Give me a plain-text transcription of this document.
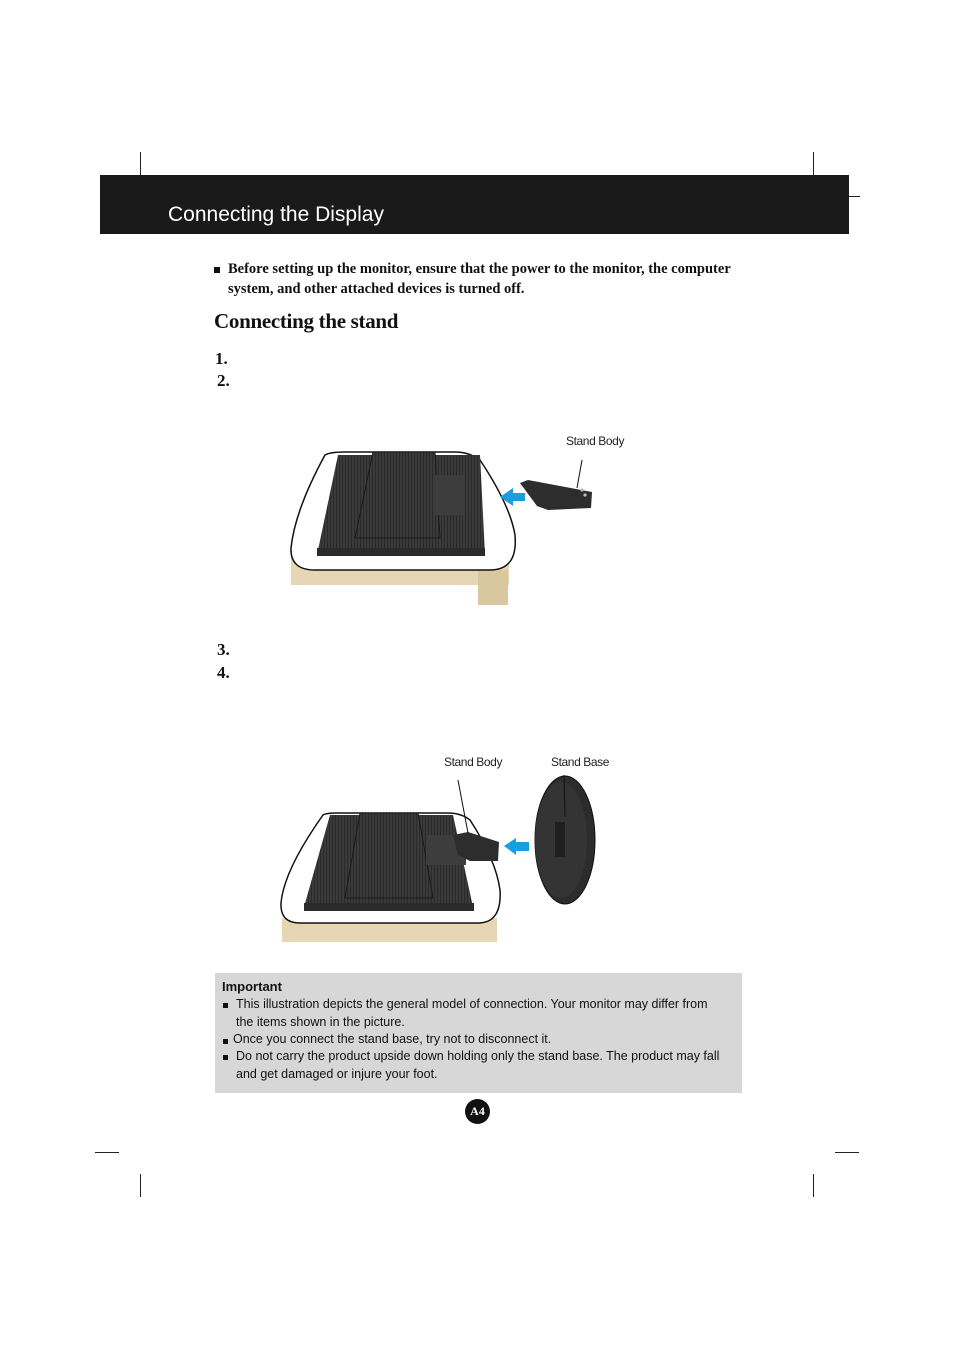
Connecting the Display
Before setting up the monitor, ensure that the power to the monitor, the computer system, and other attached devices is turned off.
Connecting the stand
1.
2.
Stand Body
3.
4.
Stand Body	Stand Base
Important
This illustration depicts the general model of connection. Your monitor may differ from the items shown in the picture.
Once you connect the stand base, try not to disconnect it.
Do not carry the product upside down holding only the stand base. The product may fall and get damaged or injure your foot.
A4
